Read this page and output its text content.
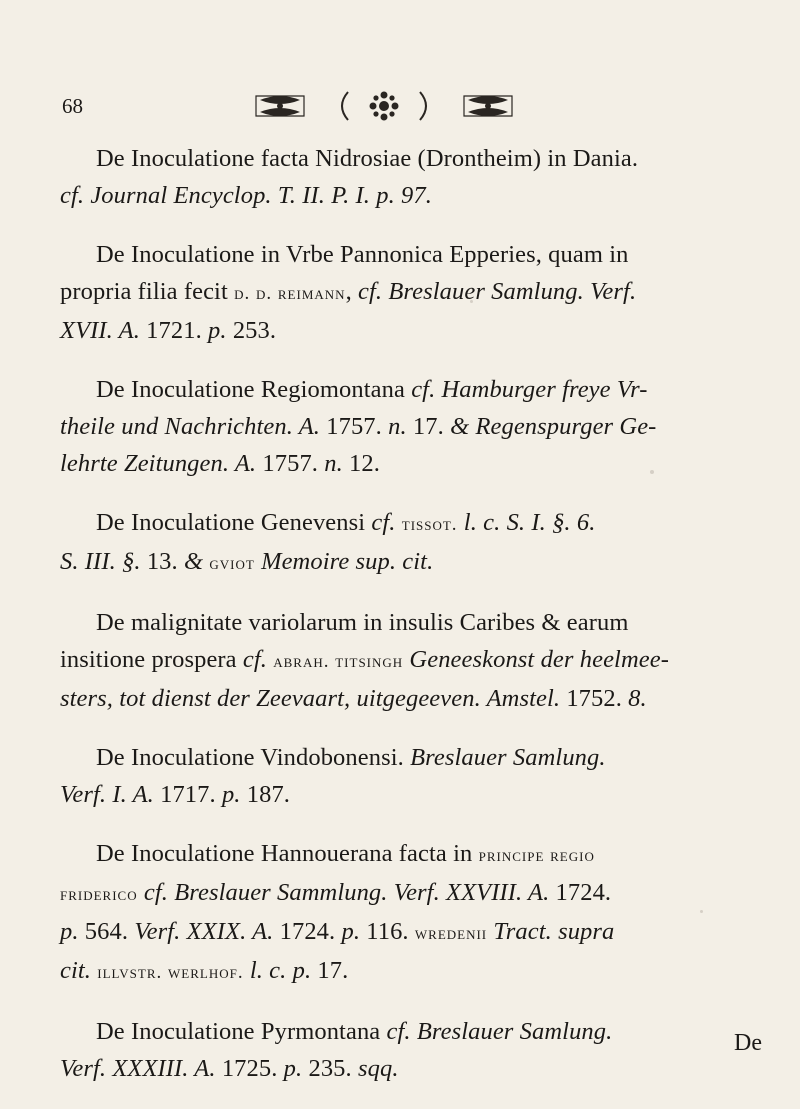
68
De Inoculatione facta Nidrosiae (Drontheim) in Dania.
cf. Journal Encyclop. T. II. P. I. p. 97.
De Inoculatione in Vrbe Pannonica Epperies, quam in
propria filia fecit d. d. reimann, cf. Breslauer Samlung. Verf.
XVII. A. 1721. p. 253.
De Inoculatione Regiomontana cf. Hamburger freye Vr-
theile und Nachrichten. A. 1757. n. 17. & Regenspurger Ge-
lehrte Zeitungen. A. 1757. n. 12.
De Inoculatione Genevensi cf. tissot. l. c. S. I. §. 6.
S. III. §. 13. & gviot Memoire sup. cit.
De malignitate variolarum in insulis Caribes & earum
insitione prospera cf. abrah. titsingh Geneeskonst der heelmee-
sters, tot dienst der Zeevaart, uitgegeeven. Amstel. 1752. 8.
De Inoculatione Vindobonensi. Breslauer Samlung.
Verf. I. A. 1717. p. 187.
De Inoculatione Hannouerana facta in principe regio
friderico cf. Breslauer Sammlung. Verf. XXVIII. A. 1724.
p. 564. Verf. XXIX. A. 1724. p. 116. wredenii Tract. supra
cit. illvstr. werlhof. l. c. p. 17.
De Inoculatione Pyrmontana cf. Breslauer Samlung.
Verf. XXXIII. A. 1725. p. 235. sqq.
De
